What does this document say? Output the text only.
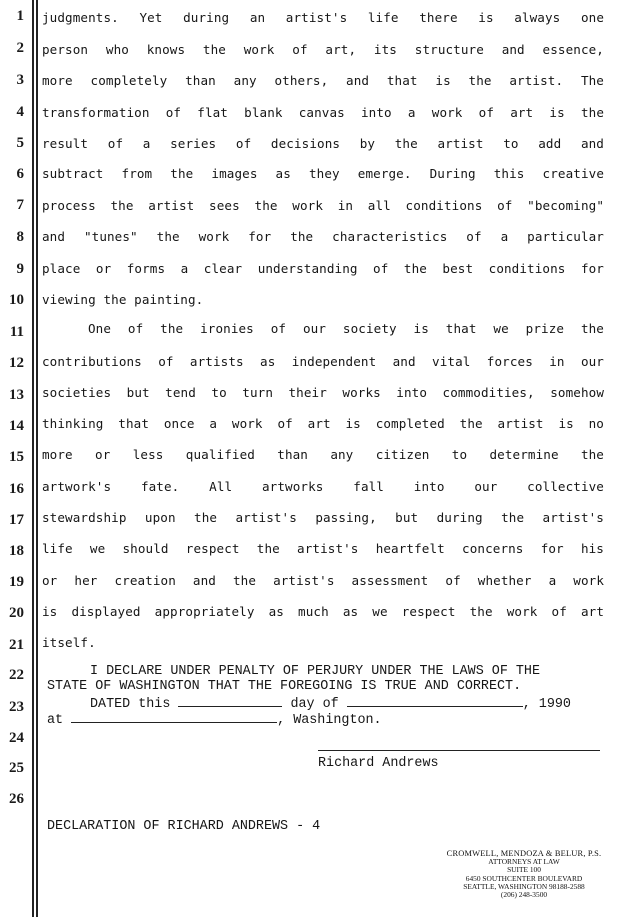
1
2
3
4
5
6
7
8
9
10
11
12
13
14
15
16
17
18
19
20
21
22
23
24
25
26
judgments. Yet during an artist's life there is always one
person who knows the work of art, its structure and essence,
more completely than any others, and that is the artist. The
transformation of flat blank canvas into a work of art is the
result of a series of decisions by the artist to add and
subtract from the images as they emerge. During this creative
process the artist sees the work in all conditions of "becoming"
and "tunes" the work for the characteristics of a particular
place or forms a clear understanding of the best conditions for
viewing the painting.
One of the ironies of our society is that we prize the
contributions of artists as independent and vital forces in our
societies but tend to turn their works into commodities, somehow
thinking that once a work of art is completed the artist is no
more or less qualified than any citizen to determine the
artwork's fate. All artworks fall into our collective
stewardship upon the artist's passing, but during the artist's
life we should respect the artist's heartfelt concerns for his
or her creation and the artist's assessment of whether a work
is displayed appropriately as much as we respect the work of art
itself.
I DECLARE UNDER PENALTY OF PERJURY UNDER THE LAWS OF THE
STATE OF WASHINGTON THAT THE FOREGOING IS TRUE AND CORRECT.
DATED this	day of	, 1990
at	, Washington.
Richard Andrews
DECLARATION OF RICHARD ANDREWS - 4
CROMWELL, MENDOZA & BELUR, P.S.
ATTORNEYS AT LAW
SUITE 100
6450 SOUTHCENTER BOULEVARD
SEATTLE, WASHINGTON 98188-2588
(206) 248-3500
